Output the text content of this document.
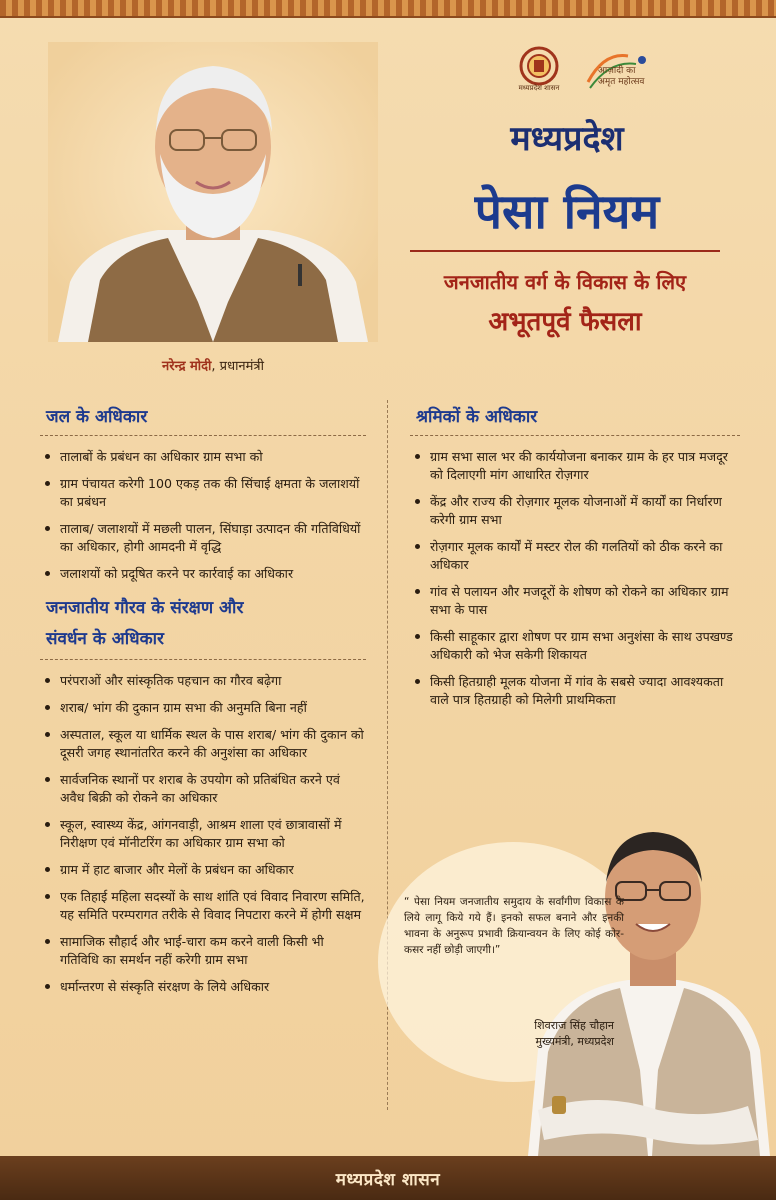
नरेन्द्र मोदी, प्रधानमंत्री
मध्यप्रदेश शासन
आज़ादी का
अमृत महोत्सव
मध्यप्रदेश
पेसा नियम
जनजातीय वर्ग के विकास के लिए
अभूतपूर्व फैसला
जल के अधिकार
तालाबों के प्रबंधन का अधिकार ग्राम सभा को
ग्राम पंचायत करेगी 100 एकड़ तक की सिंचाई क्षमता के जलाशयों का प्रबंधन
तालाब/ जलाशयों में मछली पालन, सिंघाड़ा उत्पादन की गतिविधियों का अधिकार, होगी आमदनी में वृद्धि
जलाशयों को प्रदूषित करने पर कार्रवाई का अधिकार
जनजातीय गौरव के संरक्षण और
संवर्धन के अधिकार
परंपराओं और सांस्कृतिक पहचान का गौरव बढ़ेगा
शराब/ भांग की दुकान ग्राम सभा की अनुमति बिना नहीं
अस्पताल, स्कूल या धार्मिक स्थल के पास शराब/ भांग की दुकान को दूसरी जगह स्थानांतरित करने की अनुशंसा का अधिकार
सार्वजनिक स्थानों पर शराब के उपयोग को प्रतिबंधित करने एवं अवैध बिक्री को रोकने का अधिकार
स्कूल, स्वास्थ्य केंद्र, आंगनवाड़ी, आश्रम शाला एवं छात्रावासों में निरीक्षण एवं मॉनीटरिंग का अधिकार ग्राम सभा को
ग्राम में हाट बाजार और मेलों के प्रबंधन का अधिकार
एक तिहाई महिला सदस्यों के साथ शांति एवं विवाद निवारण समिति, यह समिति परम्परागत तरीके से विवाद निपटारा करने में होगी सक्षम
सामाजिक सौहार्द और भाई-चारा कम करने वाली किसी भी गतिविधि का समर्थन नहीं करेगी ग्राम सभा
धर्मान्तरण से संस्कृति संरक्षण के लिये अधिकार
श्रमिकों के अधिकार
ग्राम सभा साल भर की कार्ययोजना बनाकर ग्राम के हर पात्र मजदूर को दिलाएगी मांग आधारित रोज़गार
केंद्र और राज्य की रोज़गार मूलक योजनाओं में कार्यों का निर्धारण करेगी ग्राम सभा
रोज़गार मूलक कार्यों में मस्टर रोल की गलतियों को ठीक करने का अधिकार
गांव से पलायन और मजदूरों के शोषण को रोकने का अधिकार ग्राम सभा के पास
किसी साहूकार द्वारा शोषण पर ग्राम सभा अनुशंसा के साथ उपखण्ड अधिकारी को भेज सकेगी शिकायत
किसी हितग्राही मूलक योजना में गांव के सबसे ज्यादा आवश्यकता वाले पात्र हितग्राही को मिलेगी प्राथमिकता
“ पेसा नियम जनजातीय समुदाय के सर्वांगीण विकास के लिये लागू किये गये हैं। इनको सफल बनाने और इनकी भावना के अनुरूप प्रभावी क्रियान्वयन के लिए कोई कोर-कसर नहीं छोड़ी जाएगी।”
शिवराज सिंह चौहान
मुख्यमंत्री, मध्यप्रदेश
मध्यप्रदेश शासन
